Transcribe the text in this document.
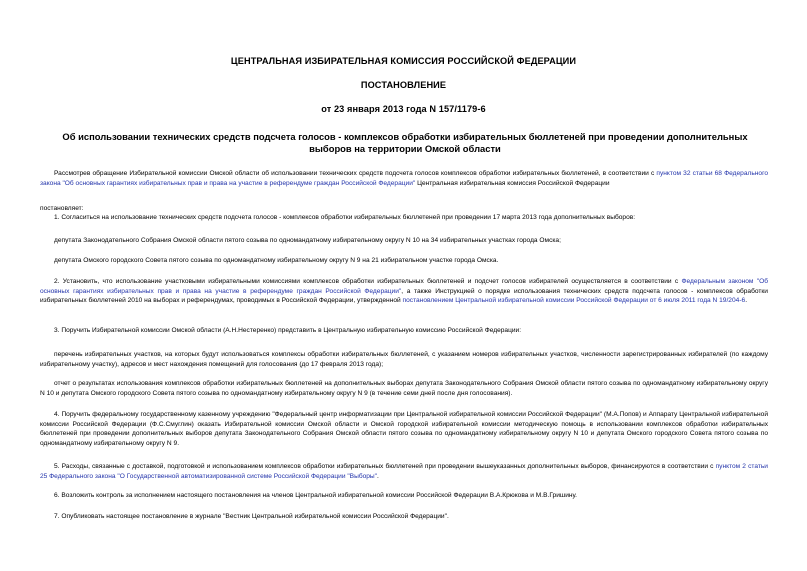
ЦЕНТРАЛЬНАЯ ИЗБИРАТЕЛЬНАЯ КОМИССИЯ РОССИЙСКОЙ ФЕДЕРАЦИИ
ПОСТАНОВЛЕНИЕ
от 23 января 2013 года N 157/1179-6
Об использовании технических средств подсчета голосов - комплексов обработки избирательных бюллетеней при проведении дополнительных выборов на территории Омской области
Рассмотрев обращение Избирательной комиссии Омской области об использовании технических средств подсчета голосов комплексов обработки избирательных бюллетеней, в соответствии с пунктом 32 статьи 68 Федерального закона "Об основных гарантиях избирательных прав и права на участие в референдуме граждан Российской Федерации" Центральная избирательная комиссия Российской Федерации
постановляет:
1. Согласиться на использование технических средств подсчета голосов - комплексов обработки избирательных бюллетеней при проведении 17 марта 2013 года дополнительных выборов:
депутата Законодательного Собрания Омской области пятого созыва по одномандатному избирательному округу N 10 на 34 избирательных участках города Омска;
депутата Омского городского Совета пятого созыва по одномандатному избирательному округу N 9 на 21 избирательном участке города Омска.
2. Установить, что использование участковыми избирательными комиссиями комплексов обработки избирательных бюллетеней и подсчет голосов избирателей осуществляется в соответствии с Федеральным законом "Об основных гарантиях избирательных прав и права на участие в референдуме граждан Российской Федерации", а также Инструкцией о порядке использования технических средств подсчета голосов - комплексов обработки избирательных бюллетеней 2010 на выборах и референдумах, проводимых в Российской Федерации, утвержденной постановлением Центральной избирательной комиссии Российской Федерации от 6 июля 2011 года N 19/204-6.
3. Поручить Избирательной комиссии Омской области (А.Н.Нестеренко) представить в Центральную избирательную комиссию Российской Федерации:
перечень избирательных участков, на которых будут использоваться комплексы обработки избирательных бюллетеней, с указанием номеров избирательных участков, численности зарегистрированных избирателей (по каждому избирательному участку), адресов и мест нахождения помещений для голосования (до 17 февраля 2013 года);
отчет о результатах использования комплексов обработки избирательных бюллетеней на дополнительных выборах депутата Законодательного Собрания Омской области пятого созыва по одномандатному избирательному округу N 10 и депутата Омского городского Совета пятого созыва по одномандатному избирательному округу N 9 (в течение семи дней после дня голосования).
4. Поручить федеральному государственному казенному учреждению "Федеральный центр информатизации при Центральной избирательной комиссии Российской Федерации" (М.А.Попов) и Аппарату Центральной избирательной комиссии Российской Федерации (Ф.С.Смуглин) оказать Избирательной комиссии Омской области и Омской городской избирательной комиссии методическую помощь в использовании комплексов обработки избирательных бюллетеней при проведении дополнительных выборов депутата Законодательного Собрания Омской области пятого созыва по одномандатному избирательному округу N 10 и депутата Омского городского Совета пятого созыва по одномандатному избирательному округу N 9.
5. Расходы, связанные с доставкой, подготовкой и использованием комплексов обработки избирательных бюллетеней при проведении вышеуказанных дополнительных выборов, финансируются в соответствии с пунктом 2 статьи 25 Федерального закона "О Государственной автоматизированной системе Российской Федерации "Выборы".
6. Возложить контроль за исполнением настоящего постановления на членов Центральной избирательной комиссии Российской Федерации В.А.Крюкова и М.В.Гришину.
7. Опубликовать настоящее постановление в журнале "Вестник Центральной избирательной комиссии Российской Федерации".
